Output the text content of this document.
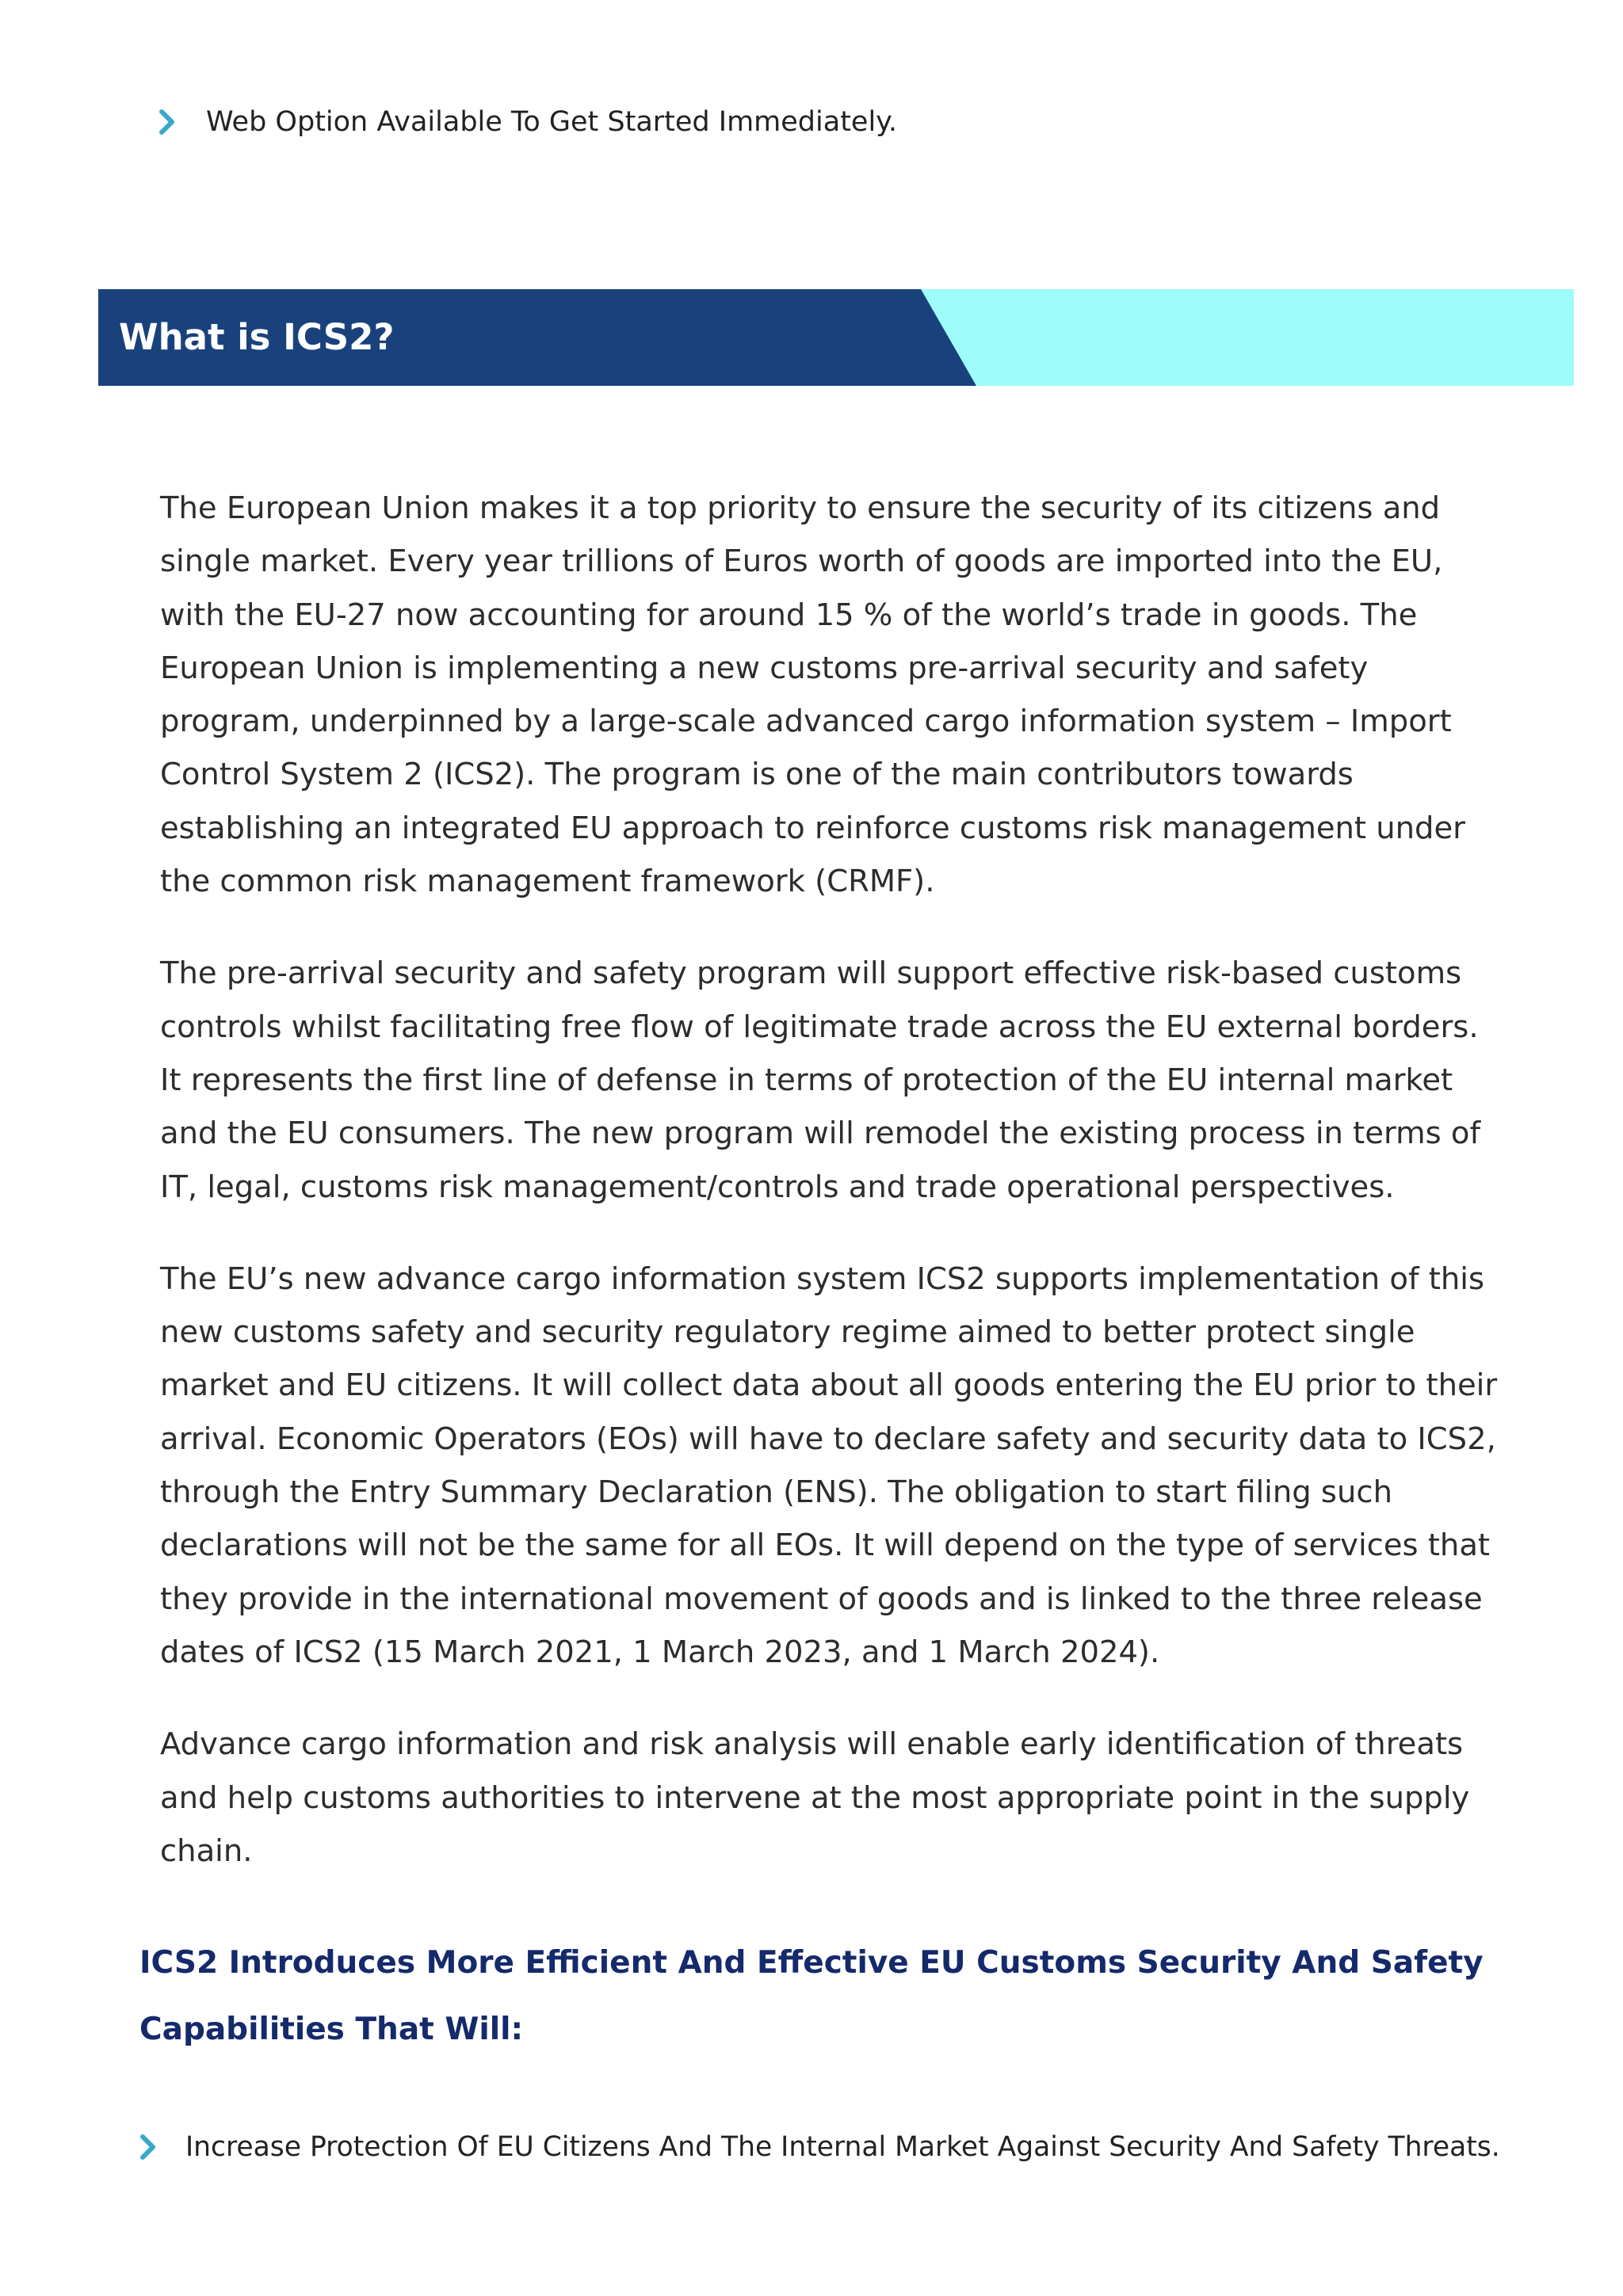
Web Option Available To Get Started Immediately.
What is ICS2?

The European Union makes it a top priority to ensure the security of its citizens and single market. Every year trillions of Euros worth of goods are imported into the EU, with the EU-27 now accounting for around 15 % of the world’s trade in goods. The European Union is implementing a new customs pre-arrival security and safety program, underpinned by a large-scale advanced cargo information system – Import Control System 2 (ICS2). The program is one of the main contributors towards establishing an integrated EU approach to reinforce customs risk management under the common risk management framework (CRMF).

The pre-arrival security and safety program will support effective risk-based customs controls whilst facilitating free flow of legitimate trade across the EU external borders. It represents the first line of defense in terms of protection of the EU internal market and the EU consumers. The new program will remodel the existing process in terms of IT, legal, customs risk management/controls and trade operational perspectives.

The EU’s new advance cargo information system ICS2 supports implementation of this new customs safety and security regulatory regime aimed to better protect single market and EU citizens. It will collect data about all goods entering the EU prior to their arrival. Economic Operators (EOs) will have to declare safety and security data to ICS2, through the Entry Summary Declaration (ENS). The obligation to start filing such declarations will not be the same for all EOs. It will depend on the type of services that they provide in the international movement of goods and is linked to the three release dates of ICS2 (15 March 2021, 1 March 2023, and 1 March 2024).

Advance cargo information and risk analysis will enable early identification of threats and help customs authorities to intervene at the most appropriate point in the supply chain.

ICS2 Introduces More Efficient And Effective EU Customs Security And Safety Capabilities That Will:
Increase Protection Of EU Citizens And The Internal Market Against Security And Safety Threats.
